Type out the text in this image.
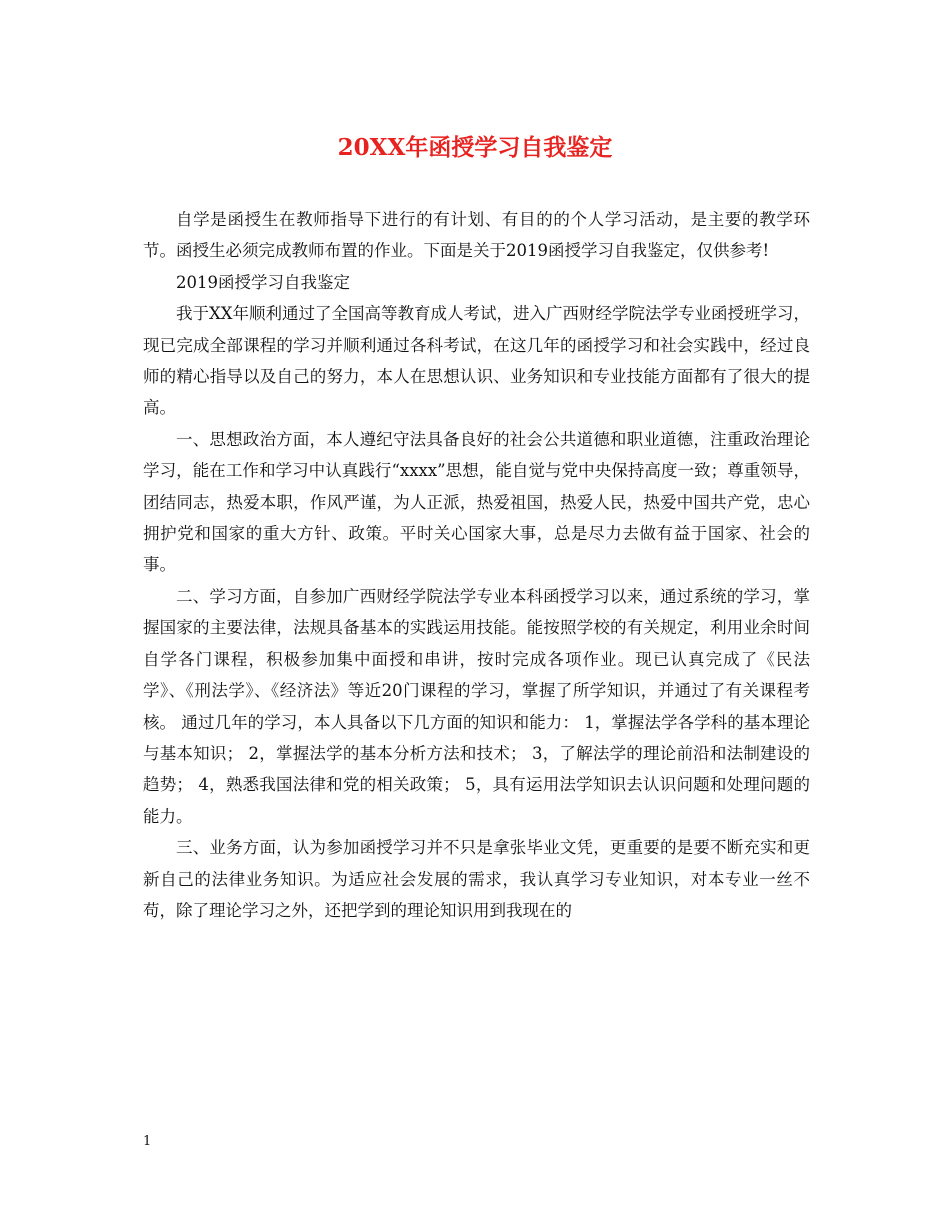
20XX年函授学习自我鉴定

自学是函授生在教师指导下进行的有计划、有目的的个人学习活动，是主要的教学环节。函授生必须完成教师布置的作业。下面是关于2019函授学习自我鉴定，仅供参考!

2019函授学习自我鉴定

我于XX年顺利通过了全国高等教育成人考试，进入广西财经学院法学专业函授班学习，现已完成全部课程的学习并顺利通过各科考试，在这几年的函授学习和社会实践中，经过良师的精心指导以及自己的努力，本人在思想认识、业务知识和专业技能方面都有了很大的提高。

一、思想政治方面，本人遵纪守法具备良好的社会公共道德和职业道德，注重政治理论学习，能在工作和学习中认真践行“xxxx”思想，能自觉与党中央保持高度一致；尊重领导，团结同志，热爱本职，作风严谨，为人正派，热爱祖国，热爱人民，热爱中国共产党，忠心拥护党和国家的重大方针、政策。平时关心国家大事，总是尽力去做有益于国家、社会的事。

二、学习方面，自参加广西财经学院法学专业本科函授学习以来，通过系统的学习，掌握国家的主要法律，法规具备基本的实践运用技能。能按照学校的有关规定，利用业余时间自学各门课程，积极参加集中面授和串讲，按时完成各项作业。现已认真完成了《民法学》、《刑法学》、《经济法》等近20门课程的学习，掌握了所学知识，并通过了有关课程考核。 通过几年的学习，本人具备以下几方面的知识和能力： 1，掌握法学各学科的基本理论与基本知识； 2，掌握法学的基本分析方法和技术； 3，了解法学的理论前沿和法制建设的趋势； 4，熟悉我国法律和党的相关政策； 5，具有运用法学知识去认识问题和处理问题的能力。

三、业务方面，认为参加函授学习并不只是拿张毕业文凭，更重要的是要不断充实和更新自己的法律业务知识。为适应社会发展的需求，我认真学习专业知识，对本专业一丝不苟，除了理论学习之外，还把学到的理论知识用到我现在的

1
